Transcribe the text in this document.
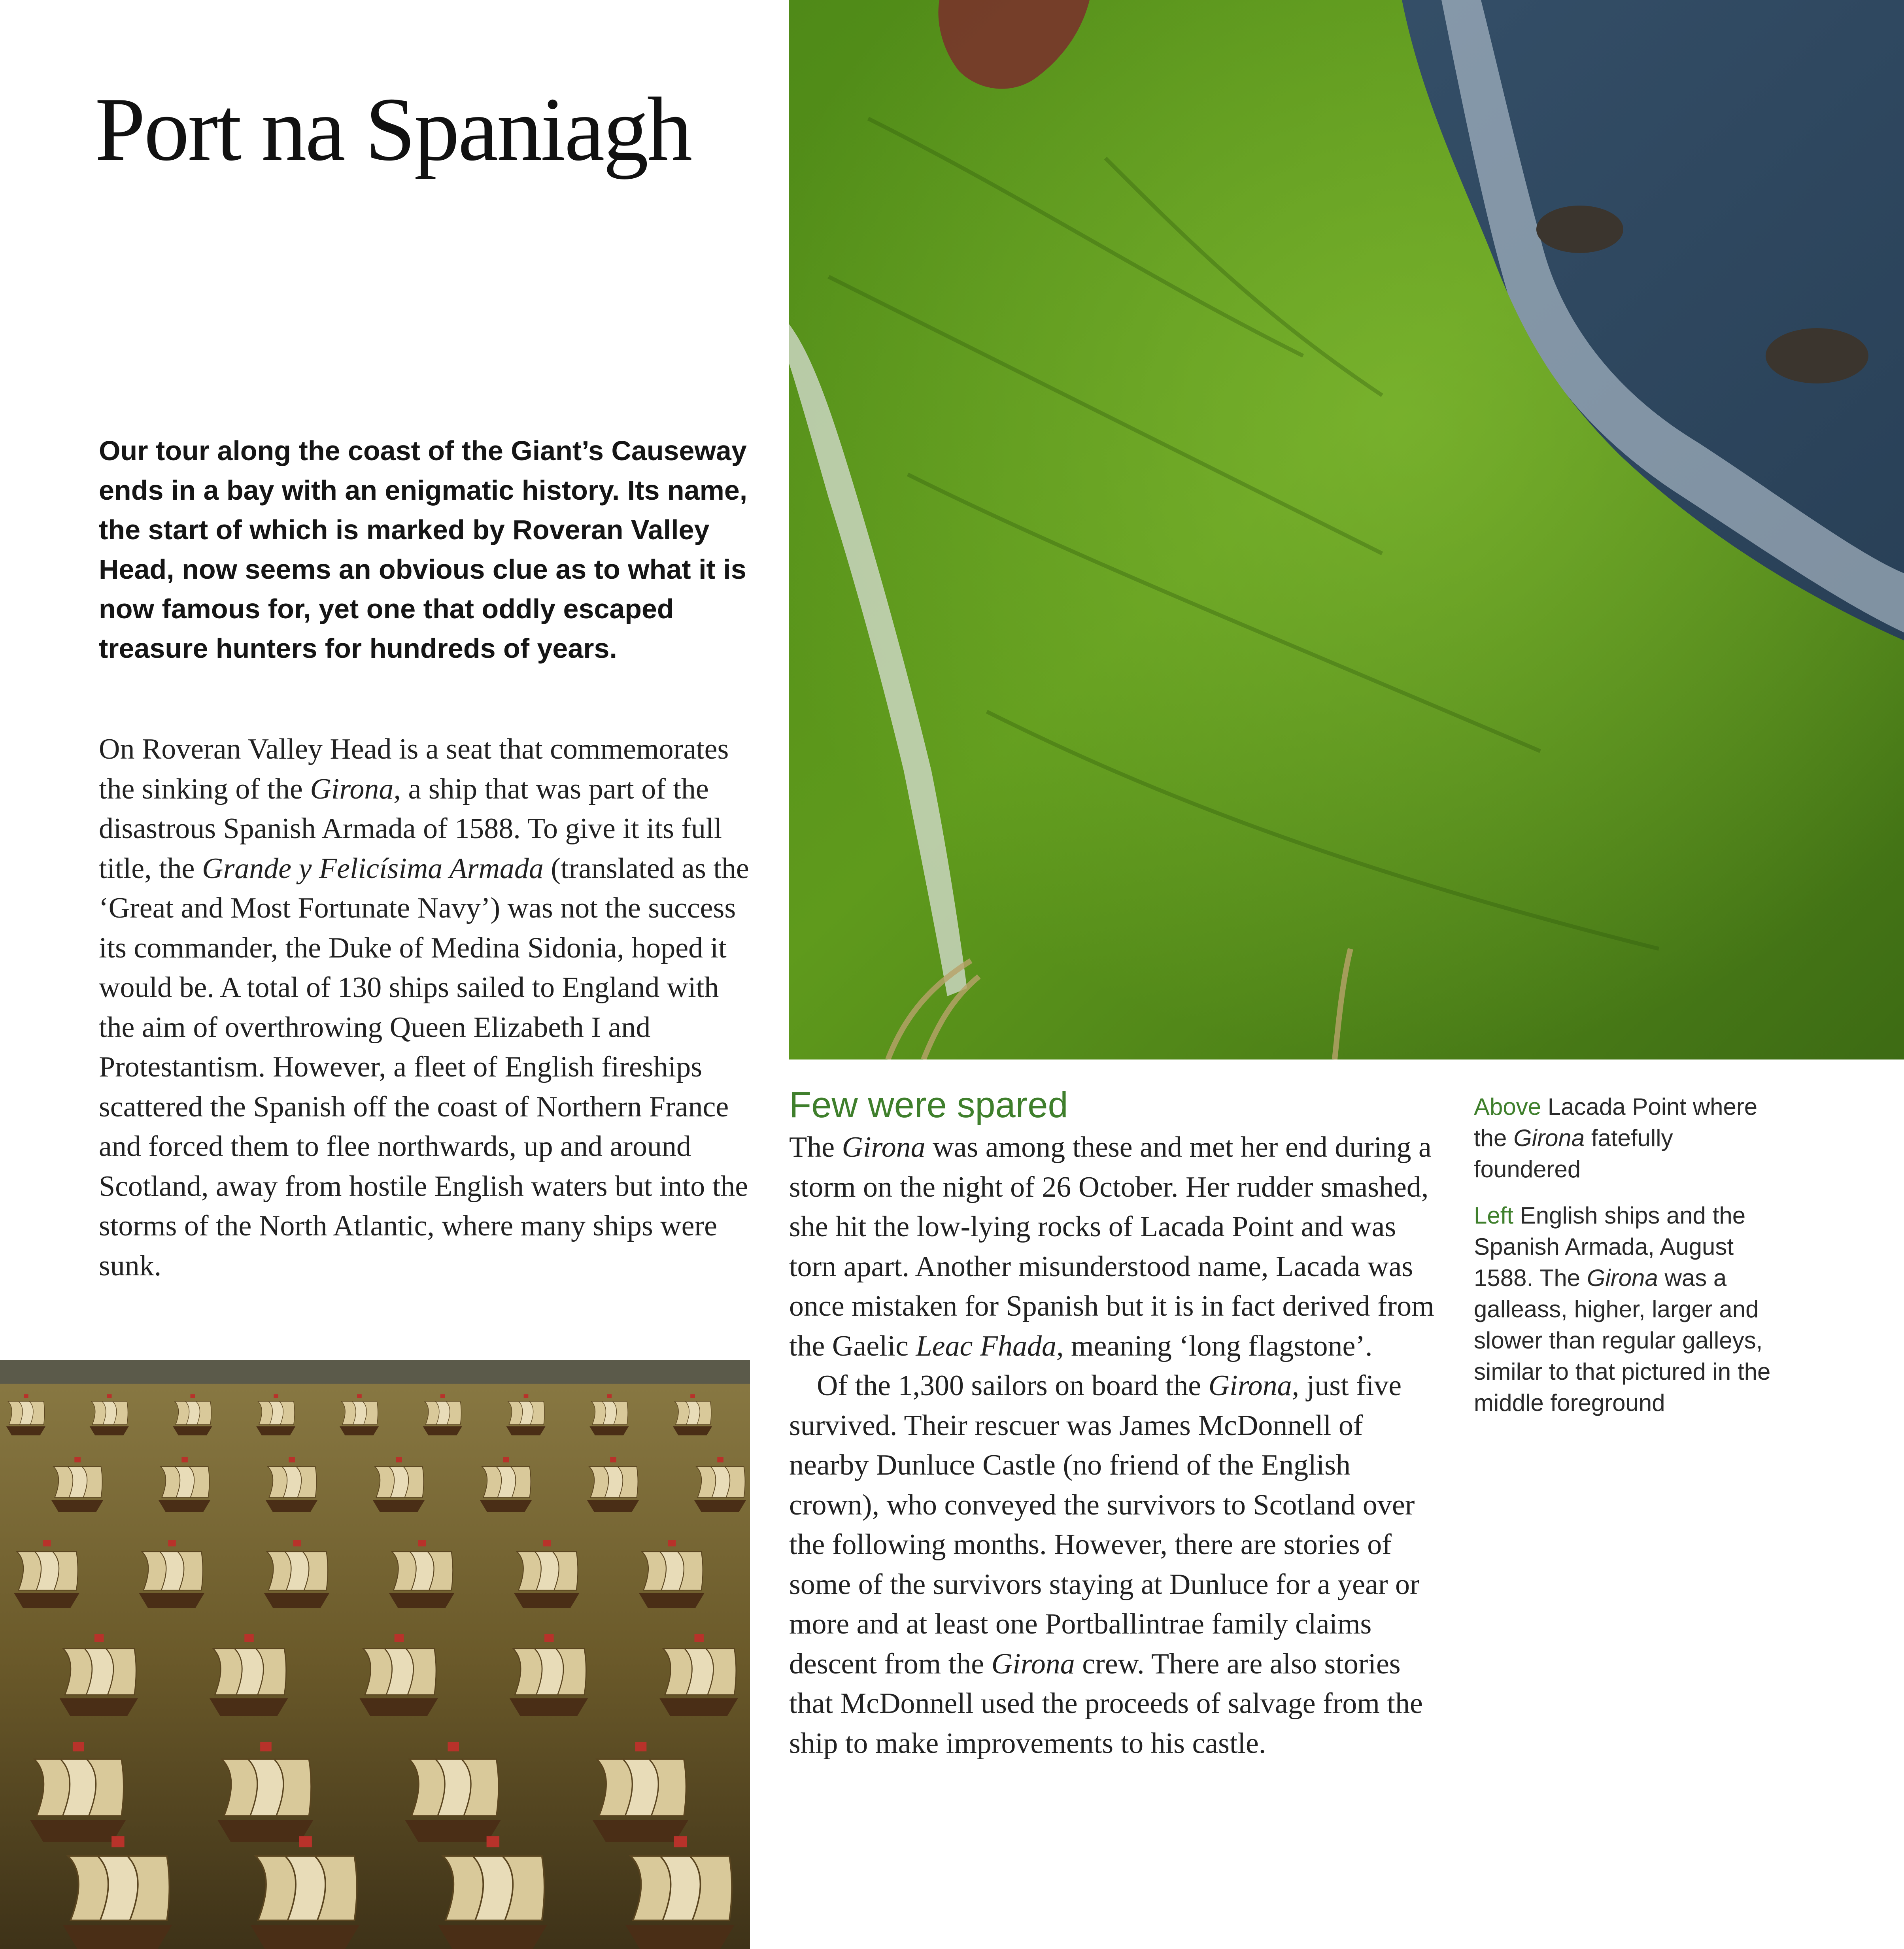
Port na Spaniagh
Our tour along the coast of the Giant’s Causeway ends in a bay with an enigmatic history. Its name, the start of which is marked by Roveran Valley Head, now seems an obvious clue as to what it is now famous for, yet one that oddly escaped treasure hunters for hundreds of years.
On Roveran Valley Head is a seat that commemorates the sinking of the Girona, a ship that was part of the disastrous Spanish Armada of 1588. To give it its full title, the Grande y Felicísima Armada (translated as the ‘Great and Most Fortunate Navy’) was not the success its commander, the Duke of Medina Sidonia, hoped it would be. A total of 130 ships sailed to England with the aim of overthrowing Queen Elizabeth I and Protestantism. However, a fleet of English fireships scattered the Spanish off the coast of Northern France and forced them to flee northwards, up and around Scotland, away from hostile English waters but into the storms of the North Atlantic, where many ships were sunk.
Few were spared

The Girona was among these and met her end during a storm on the night of 26 October. Her rudder smashed, she hit the low-lying rocks of Lacada Point and was torn apart. Another misunderstood name, Lacada was once mistaken for Spanish but it is in fact derived from the Gaelic Leac Fhada, meaning ‘long flagstone’.

Of the 1,300 sailors on board the Girona, just five survived. Their rescuer was James McDonnell of nearby Dunluce Castle (no friend of the English crown), who conveyed the survivors to Scotland over the following months. However, there are stories of some of the survivors staying at Dunluce for a year or more and at least one Portballintrae family claims descent from the Girona crew. There are also stories that McDonnell used the proceeds of salvage from the ship to make improvements to his castle.

Above Lacada Point where the Girona fatefully foundered

Left English ships and the Spanish Armada, August 1588. The Girona was a galleass, higher, larger and slower than regular galleys, similar to that pictured in the middle foreground
